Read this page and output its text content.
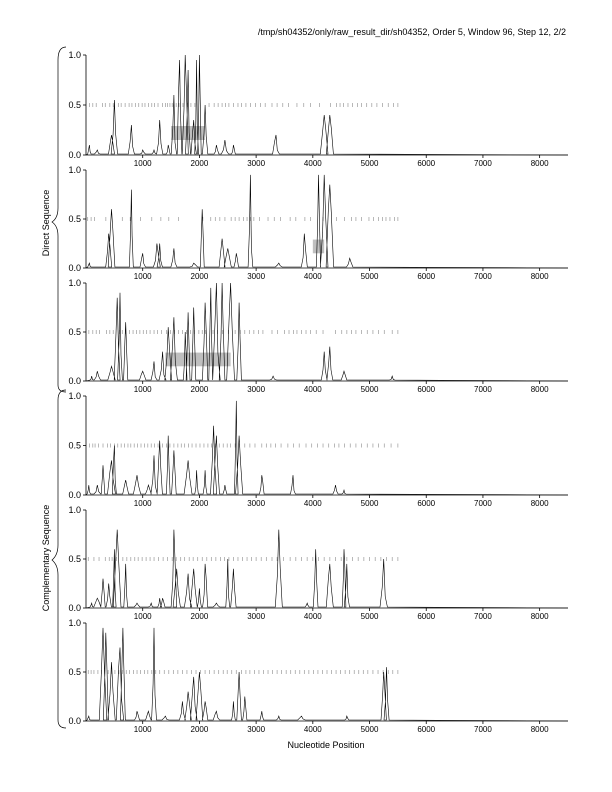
/tmp/sh04352/only/raw_result_dir/sh04352, Order 5, Window 96, Step 12, 2/2
Direct Sequence
Complementary Sequence
0.0
0.5
1.0
1000	2000	3000	4000	5000	6000	7000	8000
0.0
0.5
1.0
1000	2000	3000	4000	5000	6000	7000	8000
0.0
0.5
1.0
1000	2000	3000	4000	5000	6000	7000	8000
0.0
0.5
1.0
1000	2000	3000	4000	5000	6000	7000	8000
0.0
0.5
1.0
1000	2000	3000	4000	5000	6000	7000	8000
0.0
0.5
1.0
1000	2000	3000	4000	5000	6000	7000	8000
Nucleotide Position
